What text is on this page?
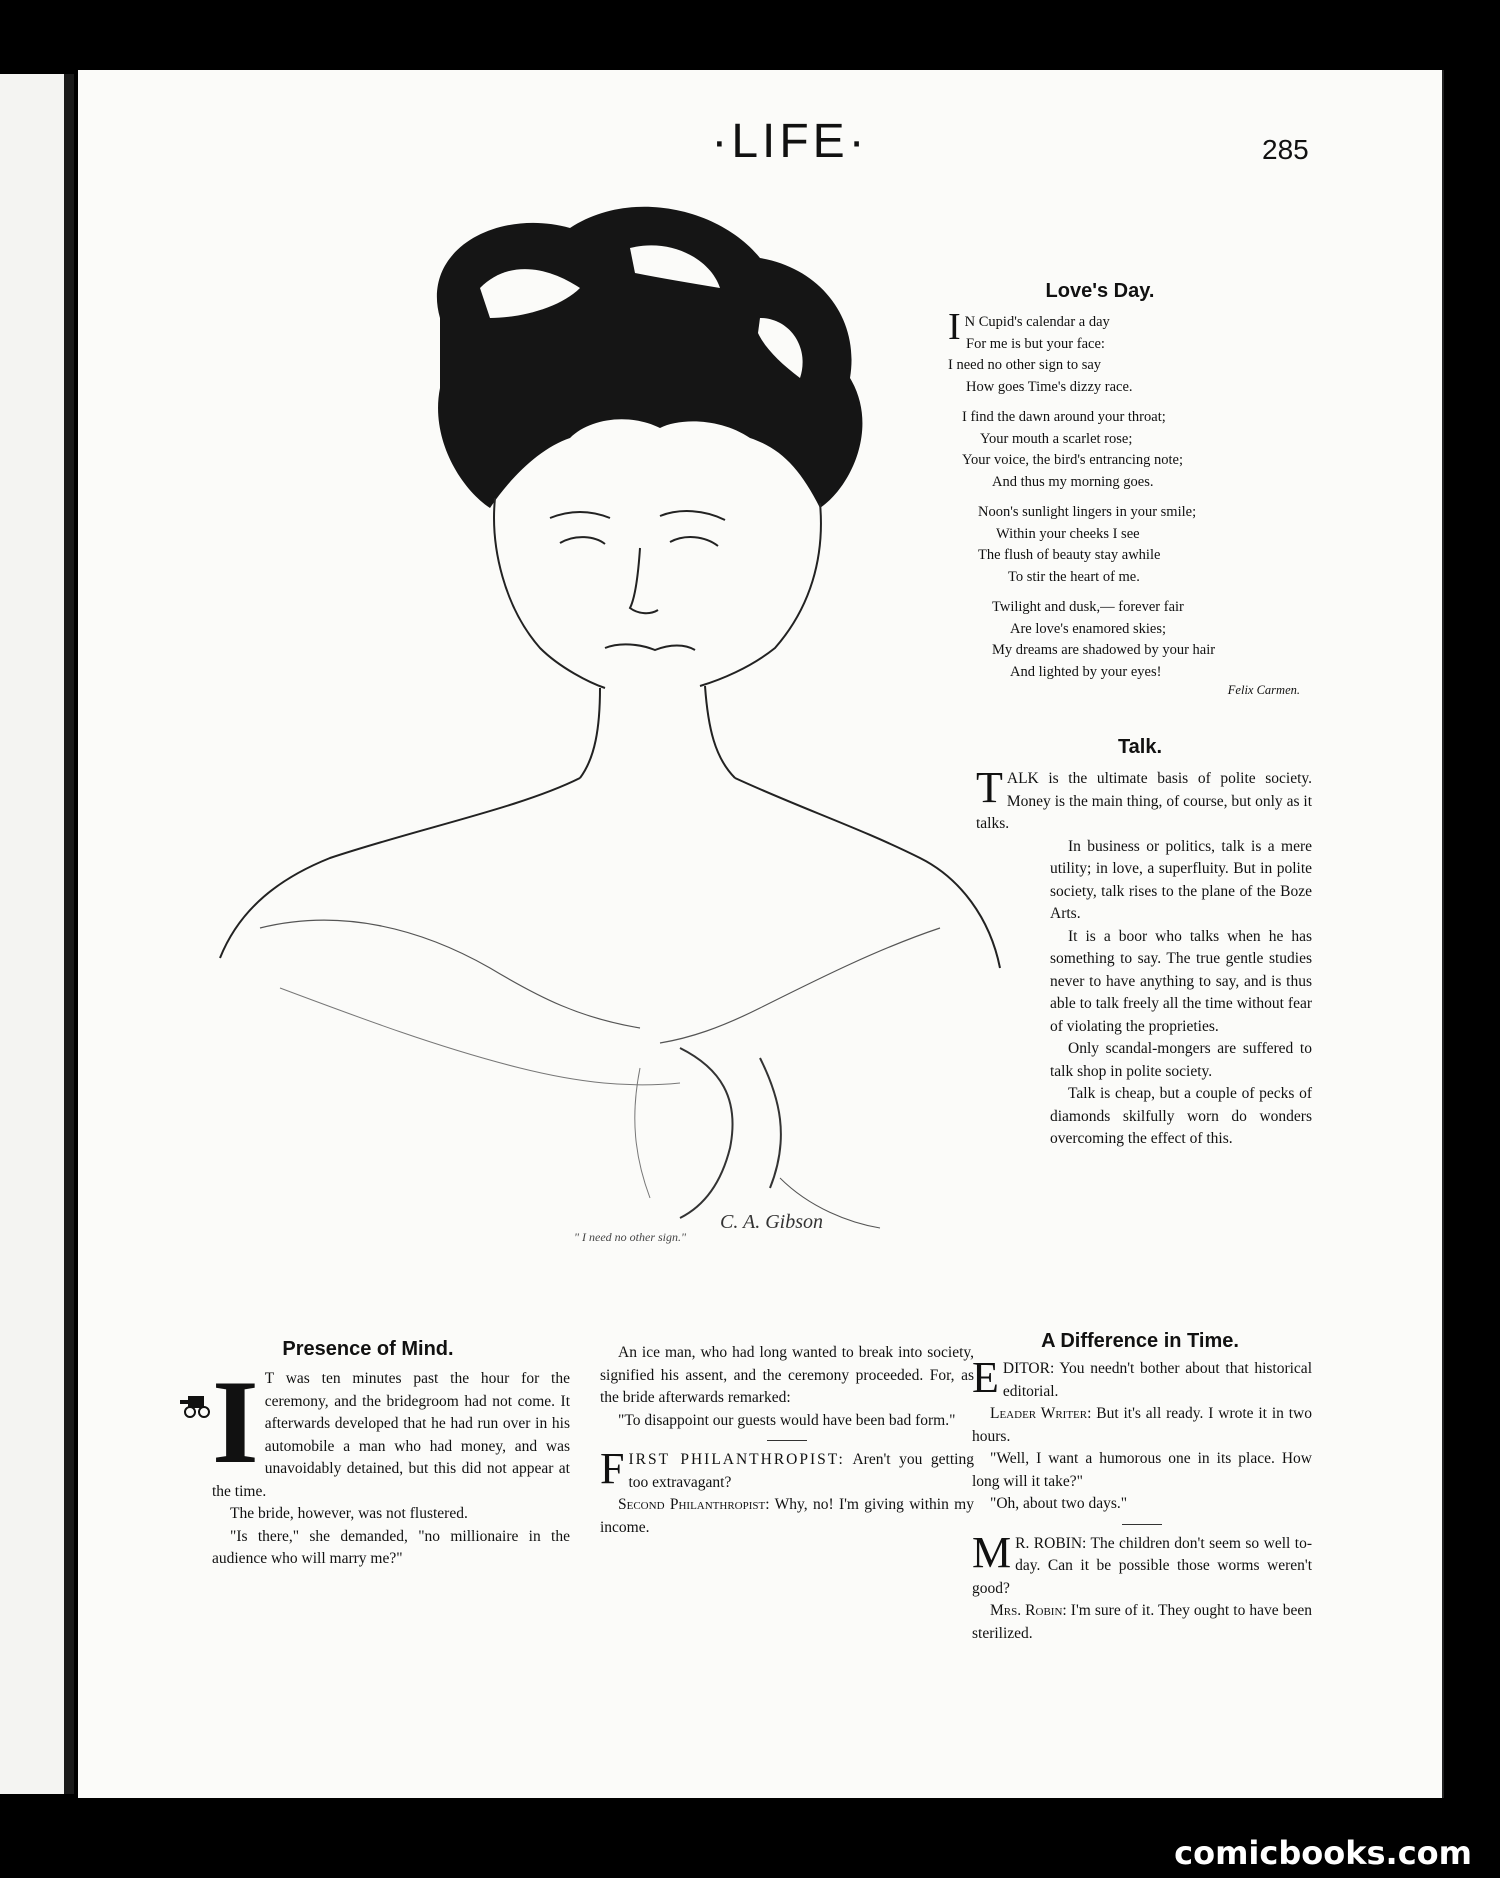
·LIFE·	285
C. A. Gibson
" I need no other sign."
Love's Day.
I N Cupid's calendar a day
For me is but your face:
I need no other sign to say
How goes Time's dizzy race.
I find the dawn around your throat;
Your mouth a scarlet rose;
Your voice, the bird's entrancing note;
And thus my morning goes.
Noon's sunlight lingers in your smile;
Within your cheeks I see
The flush of beauty stay awhile
To stir the heart of me.
Twilight and dusk,— forever fair
Are love's enamored skies;
My dreams are shadowed by your hair
And lighted by your eyes!
Felix Carmen.
Talk.

TALK is the ultimate basis of polite society. Money is the main thing, of course, but only as it talks.

In business or politics, talk is a mere utility; in love, a superfluity. But in polite society, talk rises to the plane of the Boze Arts.

It is a boor who talks when he has something to say. The true gentle studies never to have anything to say, and is thus able to talk freely all the time without fear of violating the proprieties.

Only scandal-mongers are suffered to talk shop in polite society.

Talk is cheap, but a couple of pecks of diamonds skilfully worn do wonders overcoming the effect of this.

Presence of Mind.

I T was ten minutes past the hour for the ceremony, and the bridegroom had not come. It afterwards developed that he had run over in his automobile a man who had money, and was unavoidably detained, but this did not appear at the time.

The bride, however, was not flustered.

"Is there," she demanded, "no millionaire in the audience who will marry me?"

An ice man, who had long wanted to break into society, signified his assent, and the ceremony proceeded. For, as the bride afterwards remarked:

"To disappoint our guests would have been bad form."

FIRST PHILANTHROPIST: Aren't you getting too extravagant?

Second Philanthropist: Why, no! I'm giving within my income.

A Difference in Time.

EDITOR: You needn't bother about that historical editorial.

Leader Writer: But it's all ready. I wrote it in two hours.

"Well, I want a humorous one in its place. How long will it take?"

"Oh, about two days."

M R. ROBIN: The children don't seem so well to-day. Can it be possible those worms weren't good?

Mrs. Robin: I'm sure of it. They ought to have been sterilized.

comicbooks.com
